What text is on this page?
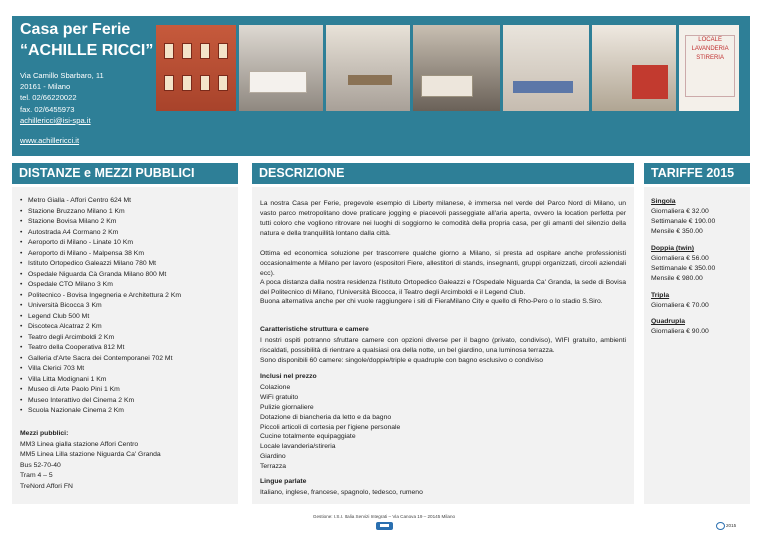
Casa per Ferie
“ACHILLE RICCI”
Via Camillo Sbarbaro, 11
20161 - Milano
tel. 02/66220022
fax. 02/6455973
achillericci@isi-spa.it
www.achillericci.it
LOCALE
LAVANDERIA
STIRERIA
DISTANZE e MEZZI PUBBLICI	DESCRIZIONE	TARIFFE 2015
• Metro Gialla - Affori Centro 624 Mt
• Stazione Bruzzano Milano 1 Km
• Stazione Bovisa Milano 2 Km
• Autostrada A4 Cormano 2 Km
• Aeroporto di Milano - Linate 10 Km
• Aeroporto di Milano - Malpensa 38 Km
• Istituto Ortopedico Galeazzi Milano 780 Mt
• Ospedale Niguarda Cà Granda Milano 800 Mt
• Ospedale CTO Milano 3 Km
• Politecnico - Bovisa Ingegneria e Architettura 2 Km
• Università Bicocca 3 Km
• Legend Club 500 Mt
• Discoteca Alcatraz 2 Km
• Teatro degli Arcimboldi 2 Km
• Teatro della Cooperativa 812 Mt
• Galleria d'Arte Sacra dei Contemporanei 702 Mt
• Villa Clerici 703 Mt
• Villa Litta Modignani 1 Km
• Museo di Arte Paolo Pini 1 Km
• Museo Interattivo del Cinema 2 Km
• Scuola Nazionale Cinema 2 Km
Mezzi pubblici:
MM3 Linea gialla stazione Affori Centro
MM5 Linea Lilla stazione Niguarda Ca' Granda
Bus 52-70-40
Tram 4 – 5
TreNord Affori FN
La nostra Casa per Ferie, pregevole esempio di Liberty milanese, è immersa nel verde del Parco Nord di Milano, un vasto parco metropolitano dove praticare jogging e piacevoli passeggiate all'aria aperta, ovvero la location perfetta per tutti coloro che vogliono ritrovare nei luoghi di soggiorno le comodità della propria casa, per gli amanti del silenzio della natura e della tranquillità lontano dalla città.
Ottima ed economica soluzione per trascorrere qualche giorno a Milano, si presta ad ospitare anche professionisti occasionalmente a Milano per lavoro (espositori Fiere, allestitori di stands, insegnanti, gruppi organizzati, circoli aziendali ecc).
A poca distanza dalla nostra residenza l'Istituto Ortopedico Galeazzi e l'Ospedale Niguarda Ca' Granda, la sede di Bovisa del Politecnico di Milano, l'Università Bicocca, il Teatro degli Arcimboldi e il Legend Club.
Buona alternativa anche per chi vuole raggiungere i siti di FieraMilano City e quello di Rho-Pero o lo stadio S.Siro.
Caratteristiche struttura e camere
I nostri ospiti potranno sfruttare camere con opzioni diverse per il bagno (privato, condiviso), WIFI gratuito, ambienti riscaldati, possibilità di rientrare a qualsiasi ora della notte, un bel giardino, una luminosa terrazza.
Sono disponibili 60 camere: singole/doppie/triple e quadruple con bagno esclusivo o condiviso
Inclusi nel prezzo
Colazione
WiFi gratuito
Pulizie giornaliere
Dotazione di biancheria da letto e da bagno
Piccoli articoli di cortesia per l'igiene personale
Cucine totalmente equipaggiate
Locale lavanderia/stireria
Giardino
Terrazza
Lingue parlate
Italiano, inglese, francese, spagnolo, tedesco, rumeno
Singola
Giornaliera € 32.00
Settimanale € 190.00
Mensile € 350.00
Doppia (twin)
Giornaliera € 56.00
Settimanale € 350.00
Mensile € 980.00
Tripla
Giornaliera € 70.00
Quadrupla
Giornaliera € 90.00
Gestione: I.S.I. Italia Servizi Integrati – Via Canova 19 – 20145 Milano
2015
